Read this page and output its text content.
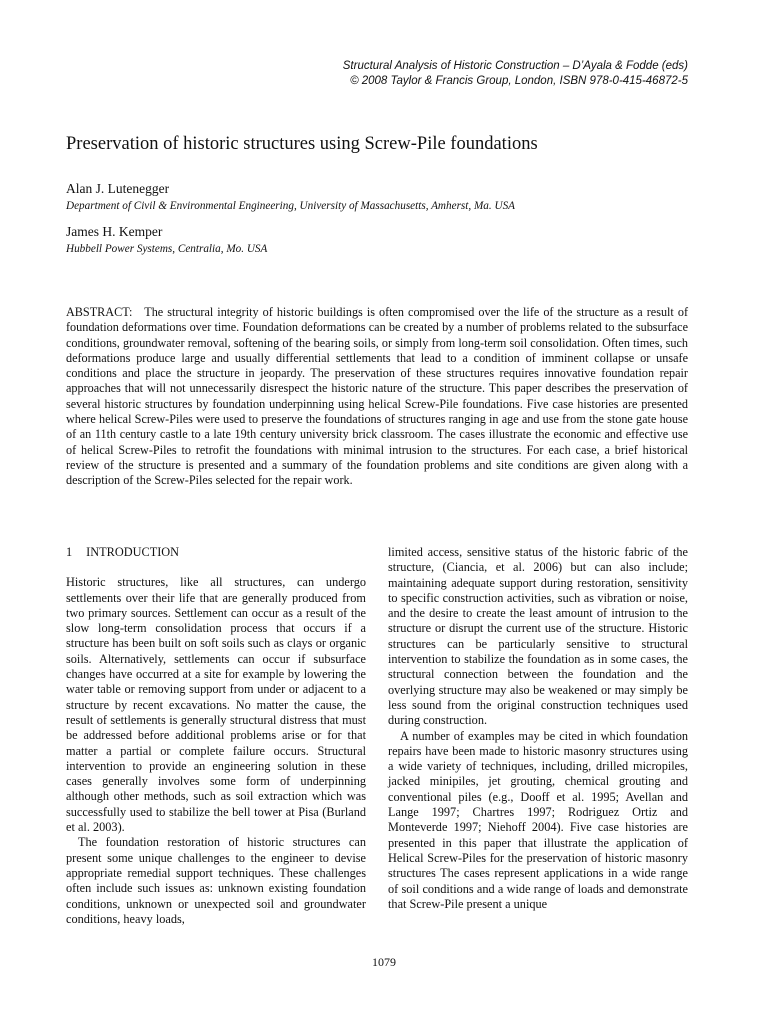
Structural Analysis of Historic Construction – D’Ayala & Fodde (eds)
© 2008 Taylor & Francis Group, London, ISBN 978-0-415-46872-5
Preservation of historic structures using Screw-Pile foundations
Alan J. Lutenegger
Department of Civil & Environmental Engineering, University of Massachusetts, Amherst, Ma. USA
James H. Kemper
Hubbell Power Systems, Centralia, Mo. USA

ABSTRACT: The structural integrity of historic buildings is often compromised over the life of the structure as a result of foundation deformations over time. Foundation deformations can be created by a number of problems related to the subsurface conditions, groundwater removal, softening of the bearing soils, or simply from long-term soil consolidation. Often times, such deformations produce large and usually differential settlements that lead to a condition of imminent collapse or unsafe conditions and place the structure in jeopardy. The preservation of these structures requires innovative foundation repair approaches that will not unnecessarily disrespect the historic nature of the structure. This paper describes the preservation of several historic structures by foundation underpinning using helical Screw-Pile foundations. Five case histories are presented where helical Screw-Piles were used to preserve the foundations of structures ranging in age and use from the stone gate house of an 11th century castle to a late 19th century university brick classroom. The cases illustrate the economic and effective use of helical Screw-Piles to retrofit the foundations with minimal intrusion to the structures. For each case, a brief historical review of the structure is presented and a summary of the foundation problems and site conditions are given along with a description of the Screw-Piles selected for the repair work.

1 INTRODUCTION

Historic structures, like all structures, can undergo settlements over their life that are generally produced from two primary sources. Settlement can occur as a result of the slow long-term consolidation process that occurs if a structure has been built on soft soils such as clays or organic soils. Alternatively, settlements can occur if subsurface changes have occurred at a site for example by lowering the water table or removing support from under or adjacent to a structure by recent excavations. No matter the cause, the result of settlements is generally structural distress that must be addressed before additional problems arise or for that matter a partial or complete failure occurs. Structural intervention to provide an engineering solution in these cases generally involves some form of underpinning although other methods, such as soil extraction which was successfully used to stabilize the bell tower at Pisa (Burland et al. 2003).

The foundation restoration of historic structures can present some unique challenges to the engineer to devise appropriate remedial support techniques. These challenges often include such issues as: unknown existing foundation conditions, unknown or unexpected soil and groundwater conditions, heavy loads,

limited access, sensitive status of the historic fabric of the structure, (Ciancia, et al. 2006) but can also include; maintaining adequate support during restoration, sensitivity to specific construction activities, such as vibration or noise, and the desire to create the least amount of intrusion to the structure or disrupt the current use of the structure. Historic structures can be particularly sensitive to structural intervention to stabilize the foundation as in some cases, the structural connection between the foundation and the overlying structure may also be weakened or may simply be less sound from the original construction techniques used during construction.

A number of examples may be cited in which foundation repairs have been made to historic masonry structures using a wide variety of techniques, including, drilled micropiles, jacked minipiles, jet grouting, chemical grouting and conventional piles (e.g., Dooff et al. 1995; Avellan and Lange 1997; Chartres 1997; Rodriguez Ortiz and Monteverde 1997; Niehoff 2004). Five case histories are presented in this paper that illustrate the application of Helical Screw-Piles for the preservation of historic masonry structures The cases represent applications in a wide range of soil conditions and a wide range of loads and demonstrate that Screw-Pile present a unique

1079
